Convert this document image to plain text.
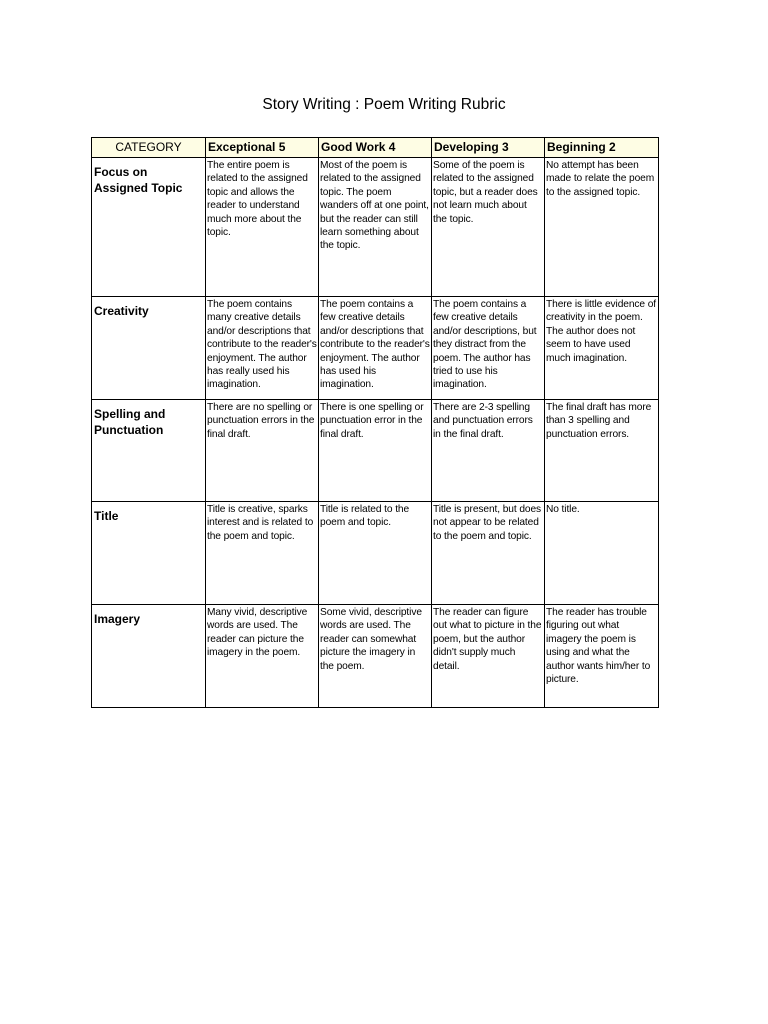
Story Writing : Poem Writing Rubric
CATEGORY	Exceptional 5	Good Work 4	Developing 3	Beginning 2
Focus on Assigned Topic	The entire poem is related to the assigned topic and allows the reader to understand much more about the topic.	Most of the poem is related to the assigned topic. The poem wanders off at one point, but the reader can still learn something about the topic.	Some of the poem is related to the assigned topic, but a reader does not learn much about the topic.	No attempt has been made to relate the poem to the assigned topic.
Creativity	The poem contains many creative details and/or descriptions that contribute to the reader's enjoyment. The author has really used his imagination.	The poem contains a few creative details and/or descriptions that contribute to the reader's enjoyment. The author has used his imagination.	The poem contains a few creative details and/or descriptions, but they distract from the poem. The author has tried to use his imagination.	There is little evidence of creativity in the poem. The author does not seem to have used much imagination.
Spelling and Punctuation	There are no spelling or punctuation errors in the final draft.	There is one spelling or punctuation error in the final draft.	There are 2-3 spelling and punctuation errors in the final draft.	The final draft has more than 3 spelling and punctuation errors.
Title	Title is creative, sparks interest and is related to the poem and topic.	Title is related to the poem and topic.	Title is present, but does not appear to be related to the poem and topic.	No title.
Imagery	Many vivid, descriptive words are used. The reader can picture the imagery in the poem.	Some vivid, descriptive words are used. The reader can somewhat picture the imagery in the poem.	The reader can figure out what to picture in the poem, but the author didn't supply much detail.	The reader has trouble figuring out what imagery the poem is using and what the author wants him/her to picture.
